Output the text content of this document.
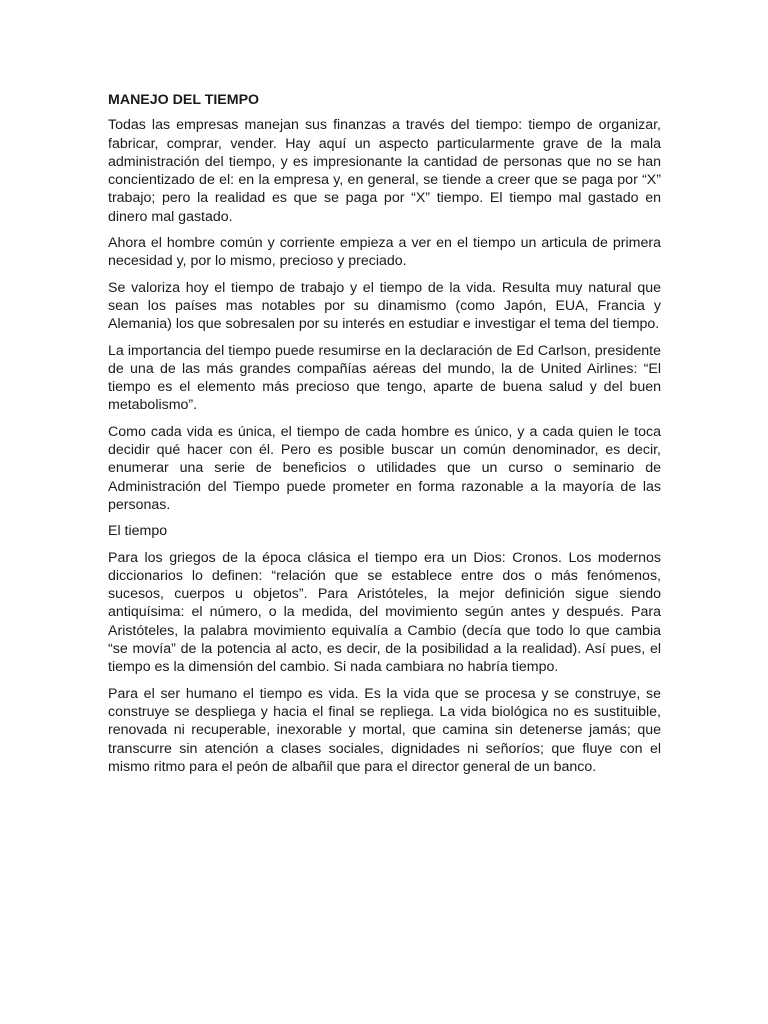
MANEJO DEL TIEMPO

Todas las empresas manejan sus finanzas a través del tiempo: tiempo de organizar, fabricar, comprar, vender. Hay aquí un aspecto particularmente grave de la mala administración del tiempo, y es impresionante la cantidad de personas que no se han concientizado de el: en la empresa y, en general, se tiende a creer que se paga por “X” trabajo; pero la realidad es que se paga por “X” tiempo. El tiempo mal gastado en dinero mal gastado.

Ahora el hombre común y corriente empieza a ver en el tiempo un articula de primera necesidad y, por lo mismo, precioso y preciado.

Se valoriza hoy el tiempo de trabajo y el tiempo de la vida. Resulta muy natural que sean los países mas notables por su dinamismo (como Japón, EUA, Francia y Alemania) los que sobresalen por su interés en estudiar e investigar el tema del tiempo.

La importancia del tiempo puede resumirse en la declaración de Ed Carlson, presidente de una de las más grandes compañías aéreas del mundo, la de United Airlines: “El tiempo es el elemento más precioso que tengo, aparte de buena salud y del buen metabolismo”.

Como cada vida es única, el tiempo de cada hombre es único, y a cada quien le toca decidir qué hacer con él. Pero es posible buscar un común denominador, es decir, enumerar una serie de beneficios o utilidades que un curso o seminario de Administración del Tiempo puede prometer en forma razonable a la mayoría de las personas.

El tiempo

Para los griegos de la época clásica el tiempo era un Dios: Cronos. Los modernos diccionarios lo definen: “relación que se establece entre dos o más fenómenos, sucesos, cuerpos u objetos”. Para Aristóteles, la mejor definición sigue siendo antiquísima: el número, o la medida, del movimiento según antes y después. Para Aristóteles, la palabra movimiento equivalía a Cambio (decía que todo lo que cambia “se movía” de la potencia al acto, es decir, de la posibilidad a la realidad). Así pues, el tiempo es la dimensión del cambio. Si nada cambiara no habría tiempo.

Para el ser humano el tiempo es vida. Es la vida que se procesa y se construye, se construye se despliega y hacia el final se repliega. La vida biológica no es sustituible, renovada ni recuperable, inexorable y mortal, que camina sin detenerse jamás; que transcurre sin atención a clases sociales, dignidades ni señoríos; que fluye con el mismo ritmo para el peón de albañil que para el director general de un banco.
